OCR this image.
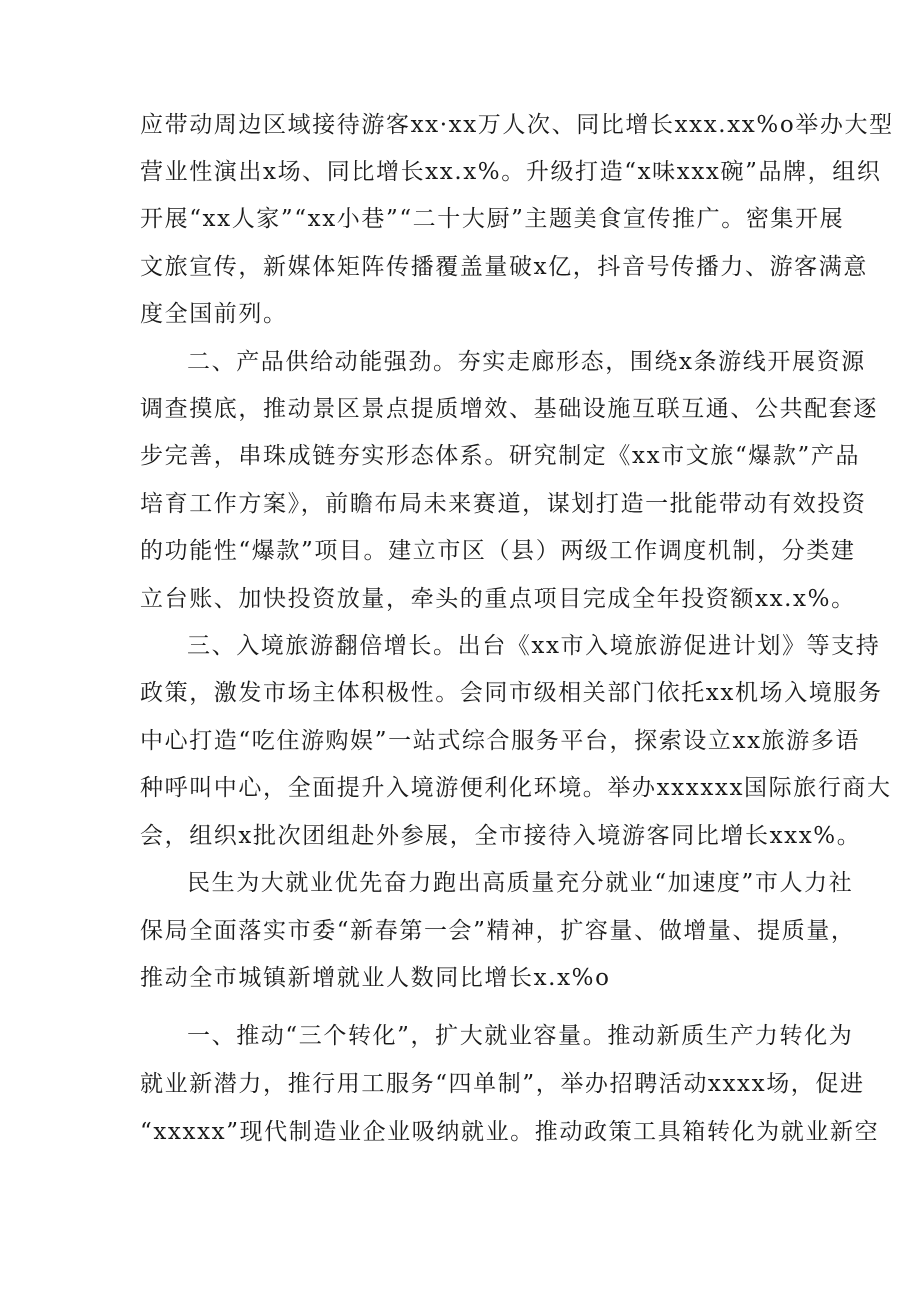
应带动周边区域接待游客xx·xx万人次、同比增长xxx.xx%o举办大型

营业性演出x场、同比增长xx.x%。升级打造“x味xxx碗”品牌，组织

开展“xx人家”“xx小巷”“二十大厨”主题美食宣传推广。密集开展

文旅宣传，新媒体矩阵传播覆盖量破x亿，抖音号传播力、游客满意

度全国前列。

二、产品供给动能强劲。夯实走廊形态，围绕x条游线开展资源

调查摸底，推动景区景点提质增效、基础设施互联互通、公共配套逐

步完善，串珠成链夯实形态体系。研究制定《xx市文旅“爆款”产品

培育工作方案》，前瞻布局未来赛道，谋划打造一批能带动有效投资

的功能性“爆款”项目。建立市区（县）两级工作调度机制，分类建

立台账、加快投资放量，牵头的重点项目完成全年投资额xx.x%。

三、入境旅游翻倍增长。出台《xx市入境旅游促进计划》等支持

政策，激发市场主体积极性。会同市级相关部门依托xx机场入境服务

中心打造“吃住游购娱”一站式综合服务平台，探索设立xx旅游多语

种呼叫中心，全面提升入境游便利化环境。举办xxxxxx国际旅行商大

会，组织x批次团组赴外参展，全市接待入境游客同比增长xxx%。

民生为大就业优先奋力跑出高质量充分就业“加速度”市人力社

保局全面落实市委“新春第一会”精神，扩容量、做增量、提质量，

推动全市城镇新增就业人数同比增长x.x%o

一、推动“三个转化”，扩大就业容量。推动新质生产力转化为

就业新潜力，推行用工服务“四单制”，举办招聘活动xxxx场，促进

“xxxxx”现代制造业企业吸纳就业。推动政策工具箱转化为就业新空
